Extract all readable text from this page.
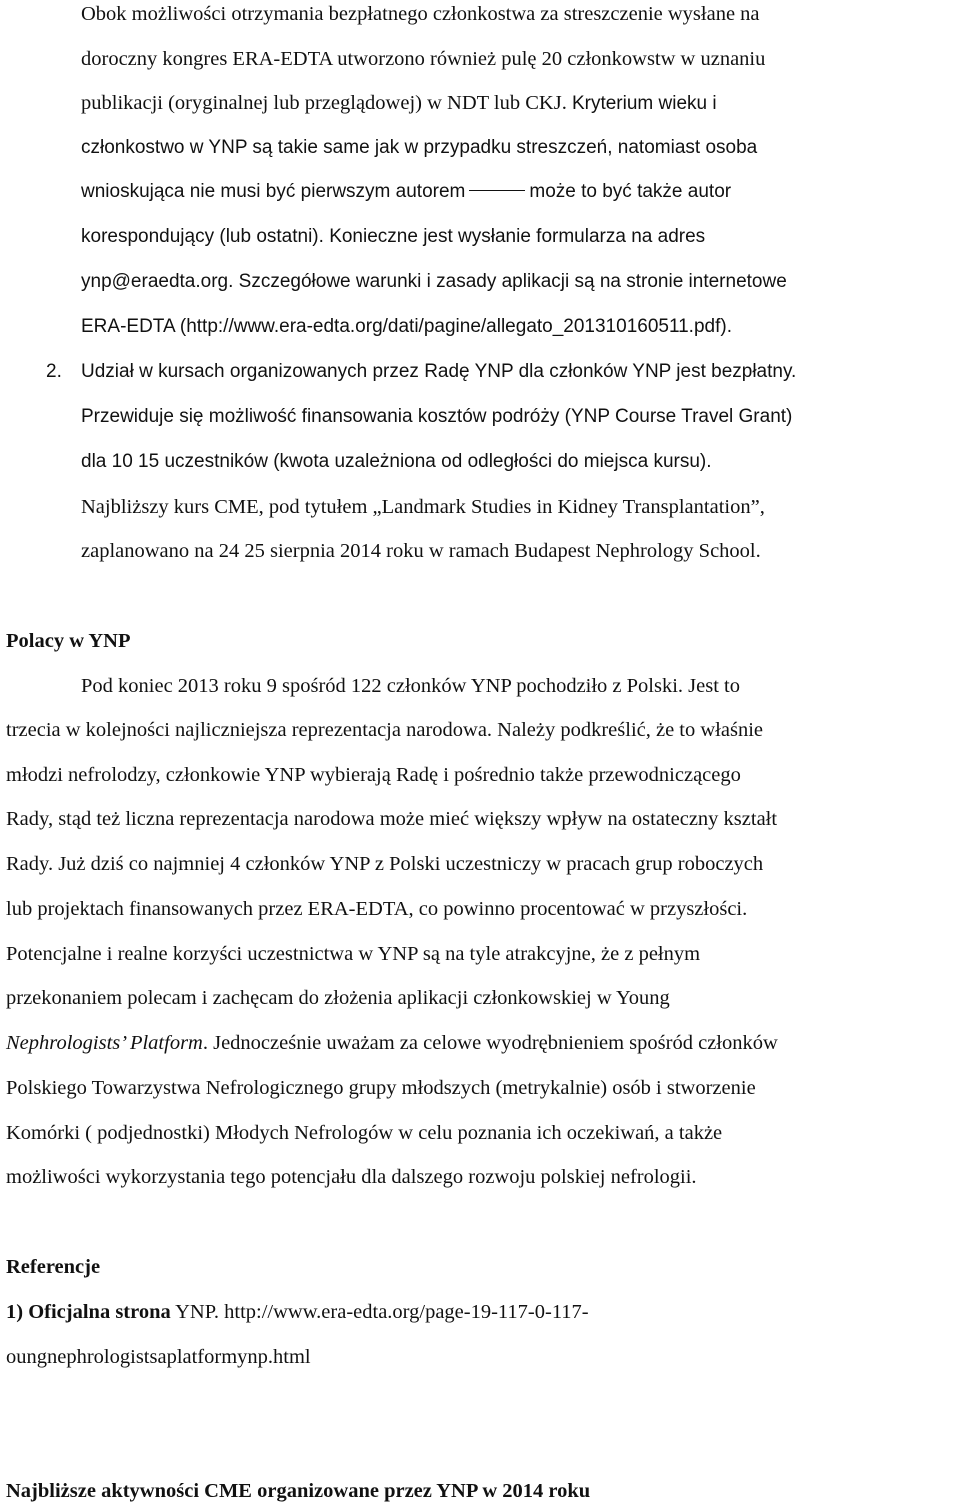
Obok możliwości otrzymania bezpłatnego członkostwa za streszczenie wysłane na
doroczny kongres ERA-EDTA utworzono również pulę 20 członkowstw w uznaniu
publikacji (oryginalnej lub przeglądowej) w NDT lub CKJ. Kryterium wieku i
członkostwo w YNP są takie same jak w przypadku streszczeń, natomiast osoba
wnioskująca nie musi być pierwszym autorem	może to być także autor
korespondujący (lub ostatni). Konieczne jest wysłanie formularza na adres
ynp@eraedta.org. Szczegółowe warunki i zasady aplikacji są na stronie internetowe
ERA-EDTA (http://www.era-edta.org/dati/pagine/allegato_201310160511.pdf).
2. Udział w kursach organizowanych przez Radę YNP dla członków YNP jest bezpłatny.
Przewiduje się możliwość finansowania kosztów podróży (YNP Course Travel Grant)
dla 10 15 uczestników (kwota uzależniona od odległości do miejsca kursu).
Najbliższy kurs CME, pod tytułem „Landmark Studies in Kidney Transplantation”,
zaplanowano na 24 25 sierpnia 2014 roku w ramach Budapest Nephrology School.
Polacy w YNP
Pod koniec 2013 roku 9 spośród 122 członków YNP pochodziło z Polski. Jest to
trzecia w kolejności najliczniejsza reprezentacja narodowa. Należy podkreślić, że to właśnie
młodzi nefrolodzy, członkowie YNP wybierają Radę i pośrednio także przewodniczącego
Rady, stąd też liczna reprezentacja narodowa może mieć większy wpływ na ostateczny kształt
Rady. Już dziś co najmniej 4 członków YNP z Polski uczestniczy w pracach grup roboczych
lub projektach finansowanych przez ERA-EDTA, co powinno procentować w przyszłości.
Potencjalne i realne korzyści uczestnictwa w YNP są na tyle atrakcyjne, że z pełnym
przekonaniem polecam i zachęcam do złożenia aplikacji członkowskiej w Young
Nephrologists’ Platform. Jednocześnie uważam za celowe wyodrębnieniem spośród członków
Polskiego Towarzystwa Nefrologicznego grupy młodszych (metrykalnie) osób i stworzenie
Komórki ( podjednostki) Młodych Nefrologów w celu poznania ich oczekiwań, a także
możliwości wykorzystania tego potencjału dla dalszego rozwoju polskiej nefrologii.
Referencje
1) Oficjalna strona YNP. http://www.era-edta.org/page-19-117-0-117-
oungnephrologistsaplatformynp.html
Najbliższe aktywności CME organizowane przez YNP w 2014 roku
